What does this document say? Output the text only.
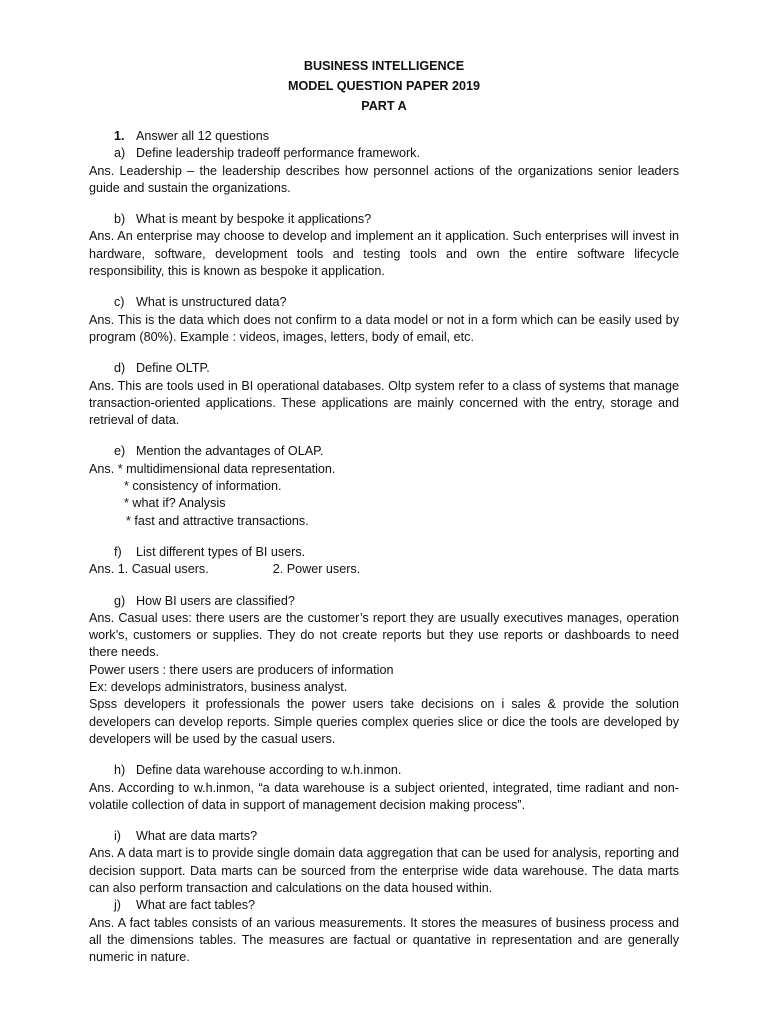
BUSINESS INTELLIGENCE
MODEL QUESTION PAPER 2019
PART A

1. Answer all 12 questions

a) Define leadership tradeoff performance framework.

Ans. Leadership – the leadership describes how personnel actions of the organizations senior leaders guide and sustain the organizations.

b) What is meant by bespoke it applications?

Ans. An enterprise may choose to develop and implement an it application. Such enterprises will invest in hardware, software, development tools and testing tools and own the entire software lifecycle responsibility, this is known as bespoke it application.

c) What is unstructured data?

Ans. This is the data which does not confirm to a data model or not in a form which can be easily used by program (80%). Example : videos, images, letters, body of email, etc.

d) Define OLTP.

Ans. This are tools used in BI operational databases. Oltp system refer to a class of systems that manage transaction-oriented applications. These applications are mainly concerned with the entry, storage and retrieval of data.

e) Mention the advantages of OLAP.

Ans. * multidimensional data representation.

* consistency of information.

* what if? Analysis

* fast and attractive transactions.

f) List different types of BI users.

Ans. 1. Casual users.	2. Power users.

g) How BI users are classified?

Ans. Casual uses: there users are the customer’s report they are usually executives manages, operation work’s, customers or supplies. They do not create reports but they use reports or dashboards to need there needs.

Power users : there users are producers of information

Ex: develops administrators, business analyst.

Spss developers it professionals the power users take decisions on i sales & provide the solution developers can develop reports. Simple queries complex queries slice or dice the tools are developed by developers will be used by the casual users.

h) Define data warehouse according to w.h.inmon.

Ans. According to w.h.inmon, “a data warehouse is a subject oriented, integrated, time radiant and non-volatile collection of data in support of management decision making process”.

i) What are data marts?

Ans. A data mart is to provide single domain data aggregation that can be used for analysis, reporting and decision support. Data marts can be sourced from the enterprise wide data warehouse. The data marts can also perform transaction and calculations on the data housed within.

j) What are fact tables?

Ans. A fact tables consists of an various measurements. It stores the measures of business process and all the dimensions tables. The measures are factual or quantative in representation and are generally numeric in nature.
